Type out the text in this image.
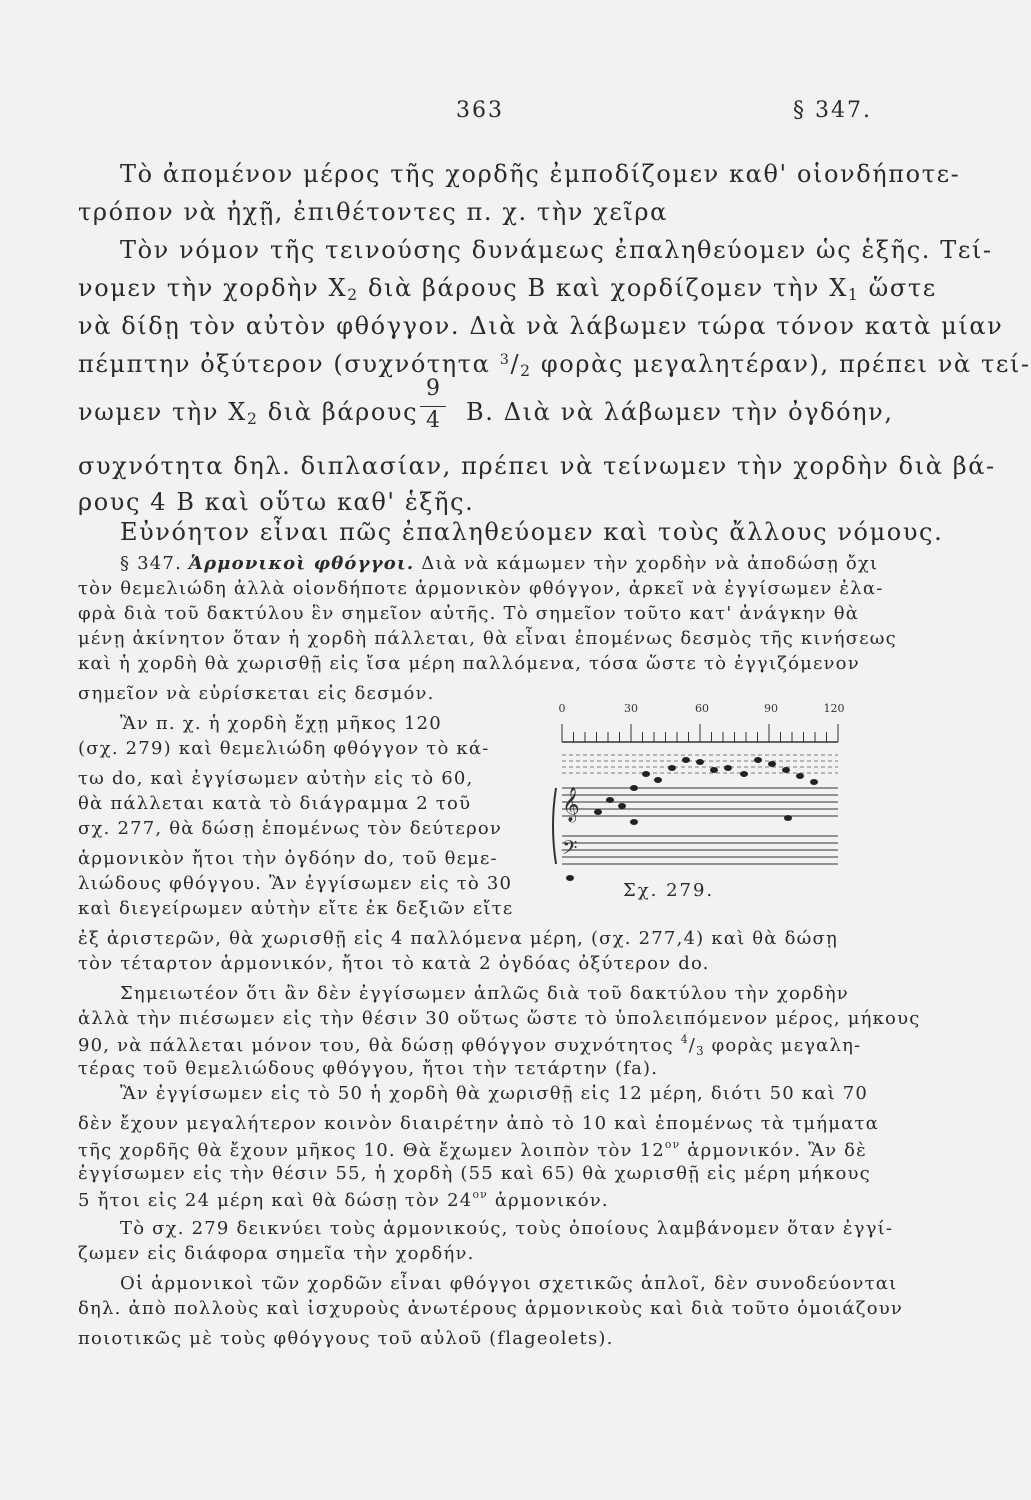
363	§ 347.
Τὸ ἀπομένον μέρος τῆς χορδῆς ἐμποδίζομεν καθ' οἱονδήποτε-
τρόπον νὰ ἠχῇ, ἐπιθέτοντες π. χ. τὴν χεῖρα
Τὸν νόμον τῆς τεινούσης δυνάμεως ἐπαληθεύομεν ὡς ἑξῆς. Τεί-
νομεν τὴν χορδὴν $X_2$ διὰ βάρους B καὶ χορδίζομεν τὴν $X_1$ ὥστε
νὰ δίδῃ τὸν αὐτὸν φθόγγον. Διὰ νὰ λάβωμεν τώρα τόνον κατὰ μίαν
πέμπτην ὀξύτερον (συχνότητα $^3/_2$ φορὰς μεγαλητέραν), πρέπει νὰ τεί-
νωμεν τὴν $X_2$ διὰ βάρους
9
4	B. Διὰ νὰ λάβωμεν τὴν ὀγδόην,
συχνότητα δηλ. διπλασίαν, πρέπει νὰ τείνωμεν τὴν χορδὴν διὰ βά-
ρους 4 B καὶ οὕτω καθ' ἑξῆς.
Εὐνόητον εἶναι πῶς ἐπαληθεύομεν καὶ τοὺς ἄλλους νόμους.
§ 347. Ἁρμονικοὶ φθόγγοι. Διὰ νὰ κάμωμεν τὴν χορδὴν νὰ ἀποδώσῃ ὄχι
τὸν θεμελιώδη ἀλλὰ οἱονδήποτε ἁρμονικὸν φθόγγον, ἀρκεῖ νὰ ἐγγίσωμεν ἐλα-
φρὰ διὰ τοῦ δακτύλου ἓν σημεῖον αὐτῆς. Τὸ σημεῖον τοῦτο κατ' ἀνάγκην θὰ
μένῃ ἀκίνητον ὅταν ἡ χορδὴ πάλλεται, θὰ εἶναι ἑπομένως δεσμὸς τῆς κινήσεως
καὶ ἡ χορδὴ θὰ χωρισθῇ εἰς ἴσα μέρη παλλόμενα, τόσα ὥστε τὸ ἐγγιζόμενον
σημεῖον νὰ εὑρίσκεται εἰς δεσμόν.
Ἂν π. χ. ἡ χορδὴ ἔχῃ μῆκος 120
(σχ. 279) καὶ θεμελιώδη φθόγγον τὸ κά-
τω do, καὶ ἐγγίσωμεν αὐτὴν εἰς τὸ 60,
θὰ πάλλεται κατὰ τὸ διάγραμμα 2 τοῦ
σχ. 277, θὰ δώσῃ ἑπομένως τὸν δεύτερον
ἁρμονικὸν ἤτοι τὴν ὀγδόην do, τοῦ θεμε-
λιώδους φθόγγου. Ἂν ἐγγίσωμεν εἰς τὸ 30
καὶ διεγείρωμεν αὐτὴν εἴτε ἐκ δεξιῶν εἴτε
0	30	60	90	120
𝄞
𝄢
Σχ. 279.
ἐξ ἀριστερῶν, θὰ χωρισθῇ εἰς 4 παλλόμενα μέρη, (σχ. 277,4) καὶ θὰ δώσῃ
τὸν τέταρτον ἁρμονικόν, ἤτοι τὸ κατὰ 2 ὀγδόας ὀξύτερον do.
Σημειωτέον ὅτι ἂν δὲν ἐγγίσωμεν ἁπλῶς διὰ τοῦ δακτύλου τὴν χορδὴν
ἀλλὰ τὴν πιέσωμεν εἰς τὴν θέσιν 30 οὕτως ὥστε τὸ ὑπολειπόμενον μέρος, μήκους
90, νὰ πάλλεται μόνον του, θὰ δώσῃ φθόγγον συχνότητος $^4/_3$ φορὰς μεγαλη-
τέρας τοῦ θεμελιώδους φθόγγου, ἤτοι τὴν τετάρτην (fa).
Ἂν ἐγγίσωμεν εἰς τὸ 50 ἡ χορδὴ θὰ χωρισθῇ εἰς 12 μέρη, διότι 50 καὶ 70
δὲν ἔχουν μεγαλήτερον κοινὸν διαιρέτην ἀπὸ τὸ 10 καὶ ἑπομένως τὰ τμήματα
τῆς χορδῆς θὰ ἔχουν μῆκος 10. Θὰ ἔχωμεν λοιπὸν τὸν $12^{o\nu}$ ἁρμονικόν. Ἂν δὲ
ἐγγίσωμεν εἰς τὴν θέσιν 55, ἡ χορδὴ (55 καὶ 65) θὰ χωρισθῇ εἰς μέρη μήκους
5 ἤτοι εἰς 24 μέρη καὶ θὰ δώσῃ τὸν $24^{o\nu}$ ἁρμονικόν.
Τὸ σχ. 279 δεικνύει τοὺς ἁρμονικούς, τοὺς ὁποίους λαμβάνομεν ὅταν ἐγγί-
ζωμεν εἰς διάφορα σημεῖα τὴν χορδήν.
Οἱ ἁρμονικοὶ τῶν χορδῶν εἶναι φθόγγοι σχετικῶς ἁπλοῖ, δὲν συνοδεύονται
δηλ. ἀπὸ πολλοὺς καὶ ἰσχυροὺς ἀνωτέρους ἁρμονικοὺς καὶ διὰ τοῦτο ὁμοιάζουν
ποιοτικῶς μὲ τοὺς φθόγγους τοῦ αὐλοῦ (flageolets).
